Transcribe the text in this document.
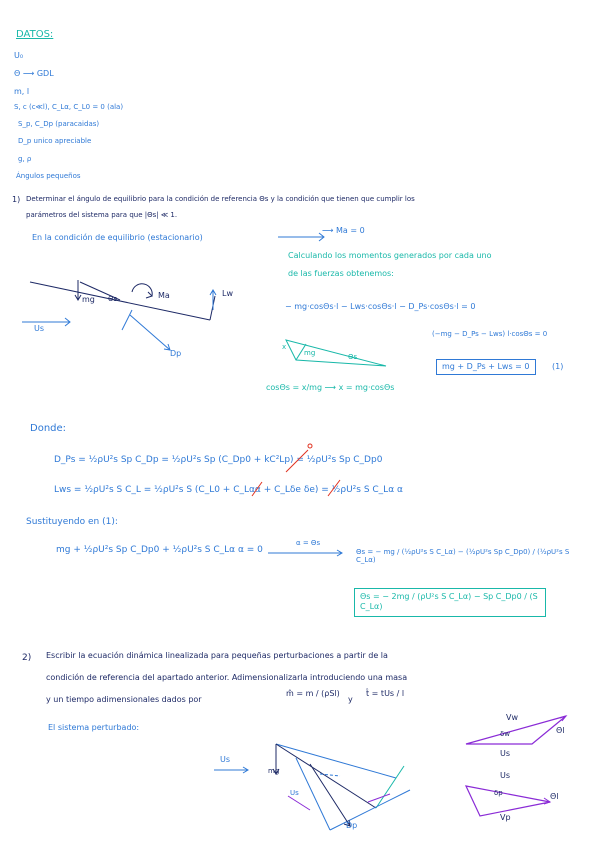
DATOS:
U₀
Θ ⟶ GDL
m, l
S, c (c≪l), C_Lα, C_L0 = 0 (ala)
S_p, C_Dp (paracaidas)
D_p unico apreciable
g, ρ
Ángulos pequeños
1) Determinar el ángulo de equilibrio para la condición de referencia Θs y la condición que tienen que cumplir los
parámetros del sistema para que |Θs| ≪ 1.
En la condición de equilibrio (estacionario)
⟶ Ma = 0
Calculando los momentos generados por cada uno
de las fuerzas obtenemos:
mg Θs	Ma	Lw
Us
Dp
− mg·cosΘs·l − Lws·cosΘs·l − D_Ps·cosΘs·l = 0
(−mg − D_Ps − Lws) l·cosΘs = 0
mg + D_Ps + Lws = 0	(1)
x
mg	Θs
cosΘs = x/mg ⟶ x = mg·cosΘs
Donde:
D_Ps = ½ρU²s Sp C_Dp = ½ρU²s Sp (C_Dp0 + kC²Lp) = ½ρU²s Sp C_Dp0
Lws = ½ρU²s S C_L = ½ρU²s S (C_L0 + C_Lαα + C_Lδe δe) = ½ρU²s S C_Lα α
Sustituyendo en (1):
mg + ½ρU²s Sp C_Dp0 + ½ρU²s S C_Lα α = 0
α = Θs
Θs = − mg / (½ρU²s S C_Lα) − (½ρU²s Sp C_Dp0) / (½ρU²s S C_Lα)
Θs = − 2mg / (ρU²s S C_Lα) − Sp C_Dp0 / (S C_Lα)
2) Escribir la ecuación dinámica linealizada para pequeñas perturbaciones a partir de la
condición de referencia del apartado anterior. Adimensionalizarla introduciendo una masa
y un tiempo adimensionales dados por
m̂ = m / (ρSl)
y
t̂ = tUs / l
El sistema perturbado:
Us
mg
Us
Dp
Vw
δw	Θ̇l
Us
Us
δp	Θ̇l
Vp
